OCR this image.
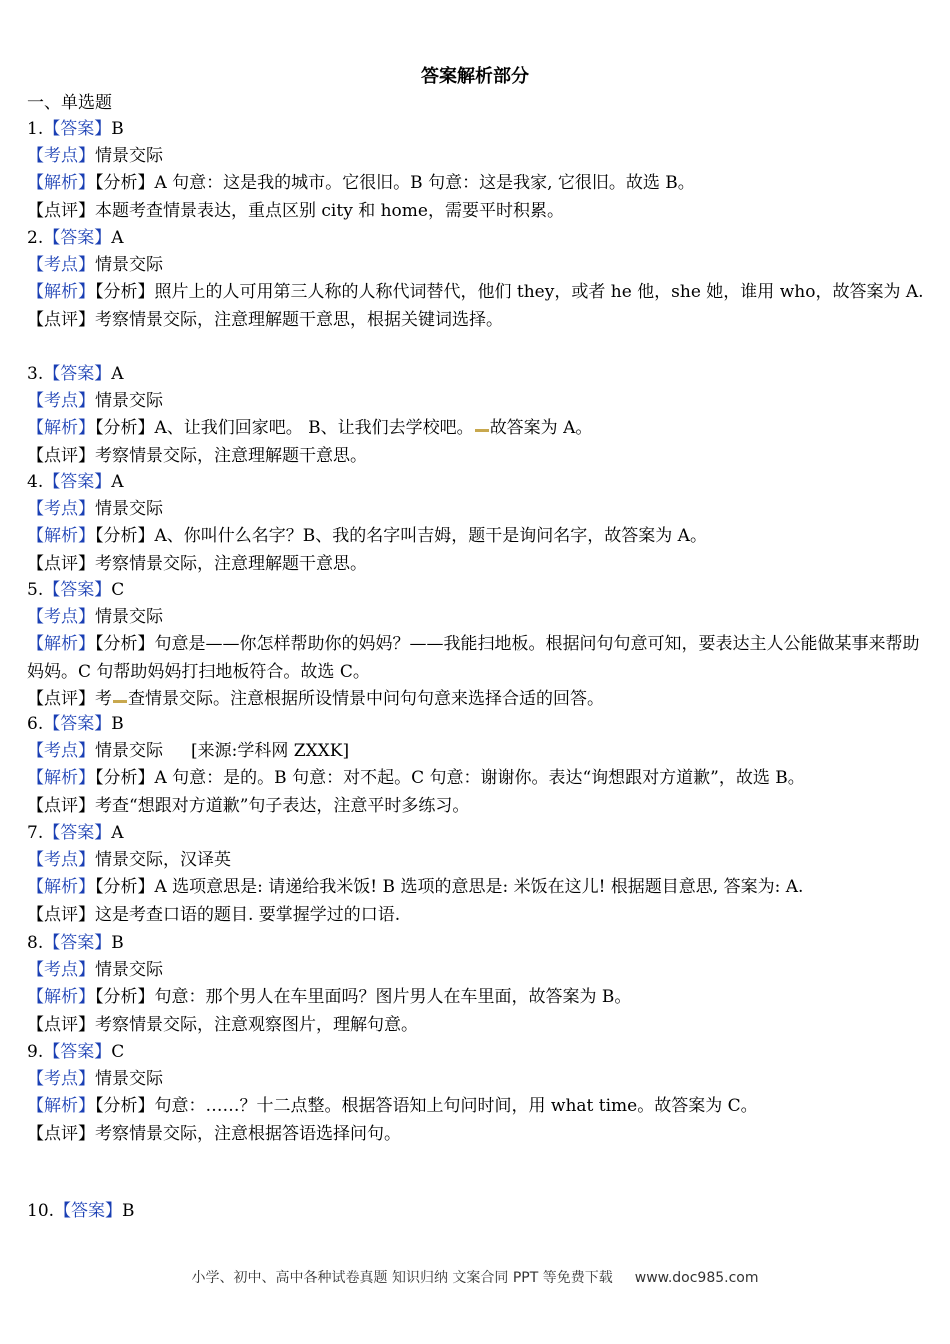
答案解析部分
一、单选题
1.【答案】B
【考点】情景交际
【解析】【分析】A 句意：这是我的城市。它很旧。B 句意：这是我家, 它很旧。故选 B。
【点评】本题考查情景表达，重点区别 city 和 home，需要平时积累。
2.【答案】A
【考点】情景交际
【解析】【分析】照片上的人可用第三人称的人称代词替代，他们 they，或者 he 他，she 她，谁用 who，故答案为 A.
【点评】考察情景交际，注意理解题干意思，根据关键词选择。
3.【答案】A
【考点】情景交际
【解析】【分析】A、让我们回家吧。 B、让我们去学校吧。 故答案为 A。
【点评】考察情景交际，注意理解题干意思。
4.【答案】A
【考点】情景交际
【解析】【分析】A、你叫什么名字？B、我的名字叫吉姆，题干是询问名字，故答案为 A。
【点评】考察情景交际，注意理解题干意思。
5.【答案】C
【考点】情景交际
【解析】【分析】句意是——你怎样帮助你的妈妈？——我能扫地板。根据问句句意可知，要表达主人公能做某事来帮助妈妈。C 句帮助妈妈打扫地板符合。故选 C。
【点评】考 查情景交际。注意根据所设情景中问句句意来选择合适的回答。
6.【答案】B
【考点】情景交际 [来源:学科网 ZXXK]
【解析】【分析】A 句意：是的。B 句意：对不起。C 句意：谢谢你。表达“询想跟对方道歉”，故选 B。
【点评】考查“想跟对方道歉”句子表达，注意平时多练习。
7.【答案】A
【考点】情景交际，汉译英
【解析】【分析】A 选项意思是: 请递给我米饭! B 选项的意思是: 米饭在这儿! 根据题目意思, 答案为: A.
【点评】这是考查口语的题目. 要掌握学过的口语.
8.【答案】B
【考点】情景交际
【解析】【分析】句意：那个男人在车里面吗？图片男人在车里面，故答案为 B。
【点评】考察情景交际，注意观察图片，理解句意。
9.【答案】C
【考点】情景交际
【解析】【分析】句意：……？十二点整。根据答语知上句问时间，用 what time。故答案为 C。
【点评】考察情景交际，注意根据答语选择问句。
10.【答案】B
小学、初中、高中各种试卷真题 知识归纳 文案合同 PPT 等免费下载 www.doc985.com
